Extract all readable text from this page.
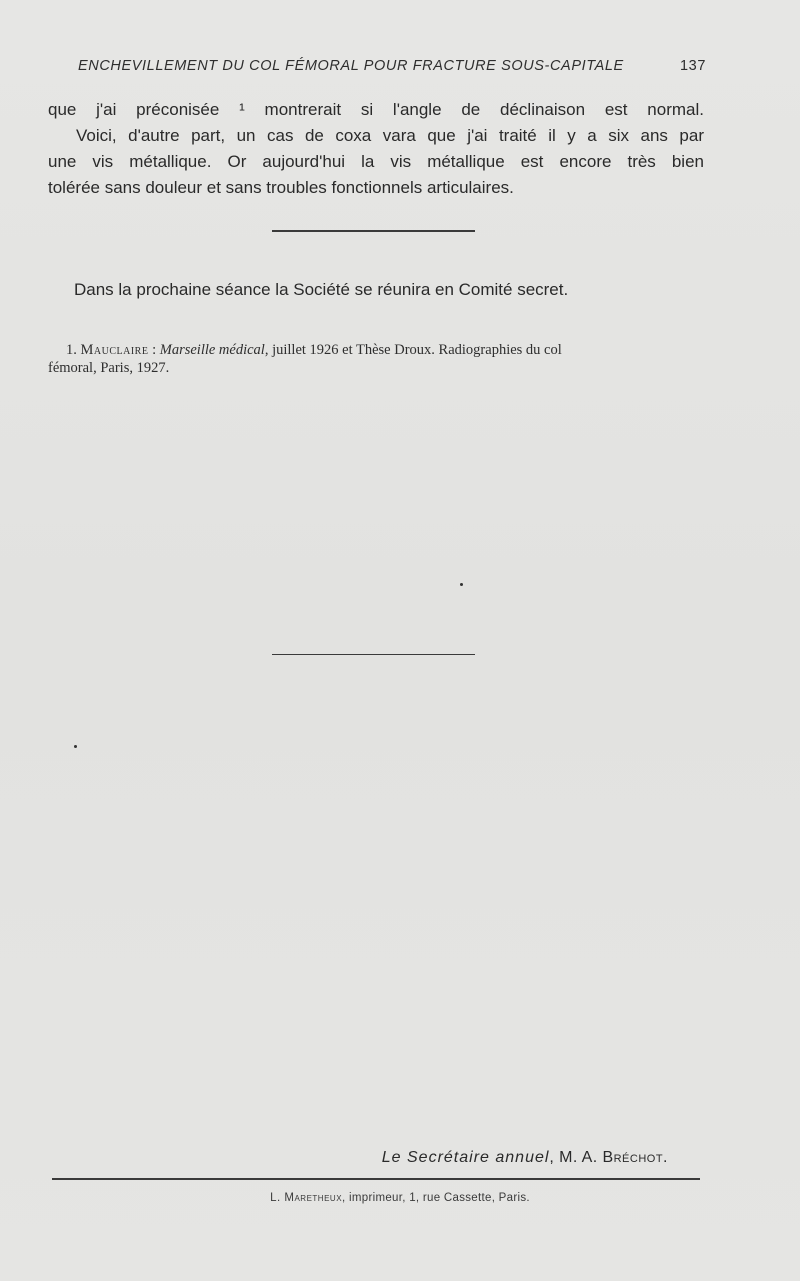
ENCHEVILLEMENT DU COL FÉMORAL POUR FRACTURE SOUS-CAPITALE	137
que j'ai préconisée ¹ montrerait si l'angle de déclinaison est normal.
Voici, d'autre part, un cas de coxa vara que j'ai traité il y a six ans par
une vis métallique. Or aujourd'hui la vis métallique est encore très bien
tolérée sans douleur et sans troubles fonctionnels articulaires.
Dans la prochaine séance la Société se réunira en Comité secret.
1. Mauclaire : Marseille médical, juillet 1926 et Thèse Droux. Radiographies du col
fémoral, Paris, 1927.
Le Secrétaire annuel, M. A. Bréchot.
L. Maretheux, imprimeur, 1, rue Cassette, Paris.
